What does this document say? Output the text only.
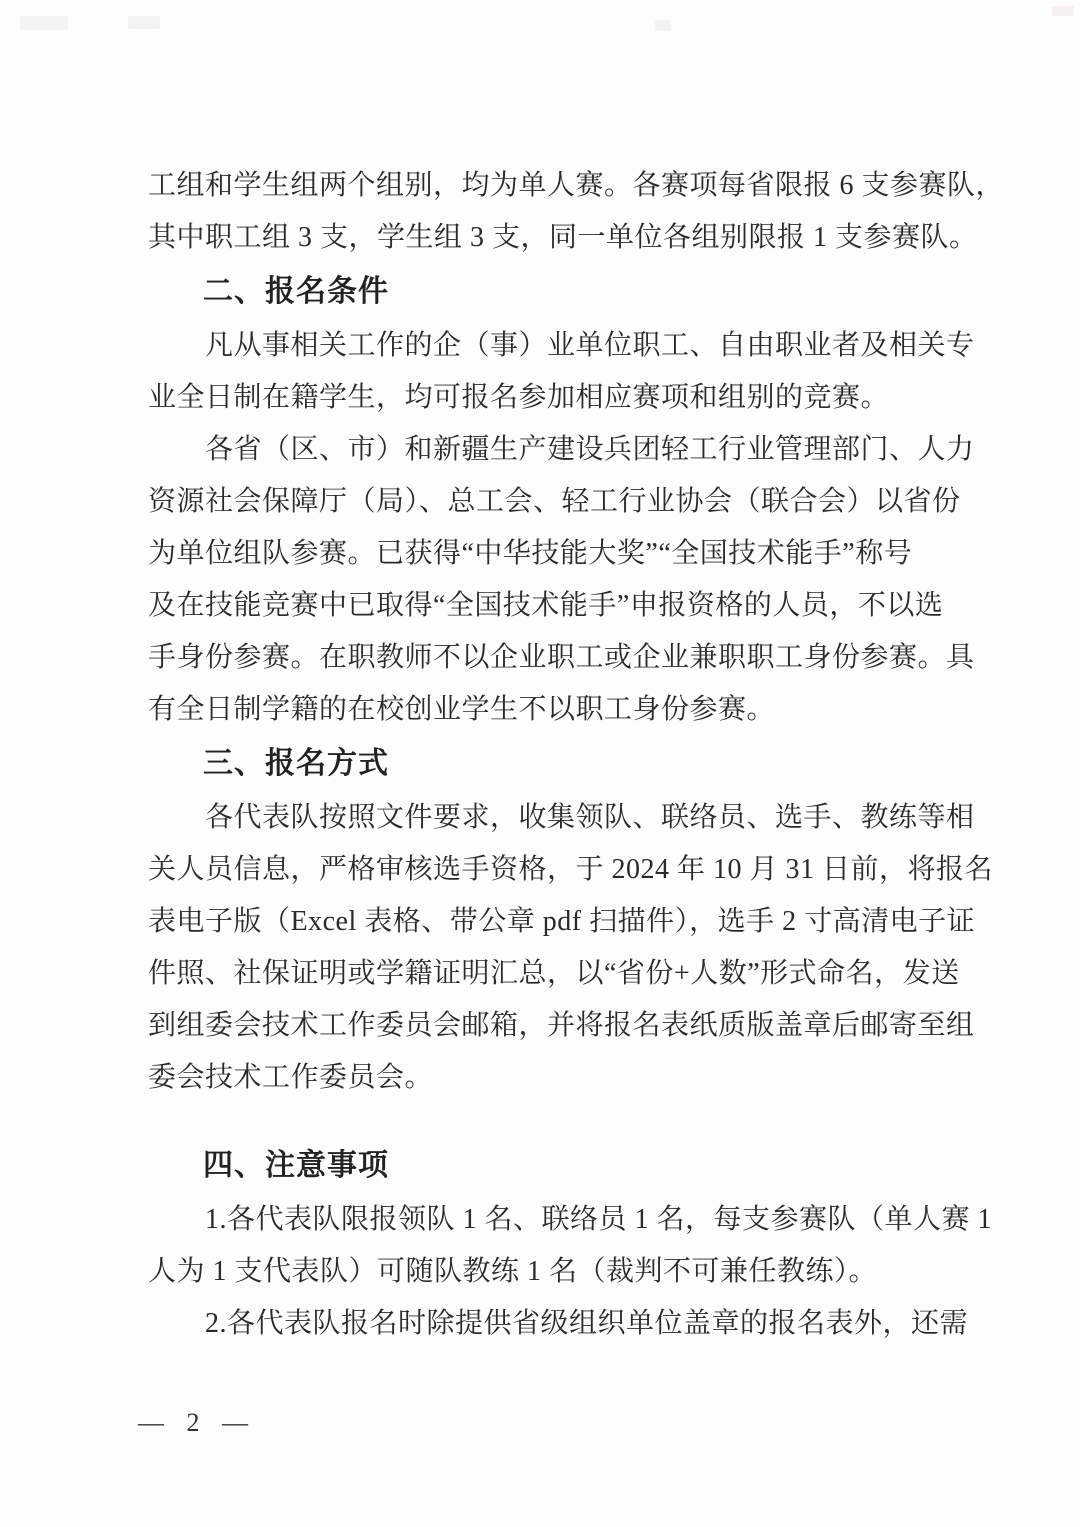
工组和学生组两个组别，均为单人赛。各赛项每省限报 6 支参赛队，

其中职工组 3 支，学生组 3 支，同一单位各组别限报 1 支参赛队。

二、报名条件

凡从事相关工作的企（事）业单位职工、自由职业者及相关专

业全日制在籍学生，均可报名参加相应赛项和组别的竞赛。

各省（区、市）和新疆生产建设兵团轻工行业管理部门、人力

资源社会保障厅（局）、总工会、轻工行业协会（联合会）以省份

为单位组队参赛。已获得“中华技能大奖”“全国技术能手”称号

及在技能竞赛中已取得“全国技术能手”申报资格的人员，不以选

手身份参赛。在职教师不以企业职工或企业兼职职工身份参赛。具

有全日制学籍的在校创业学生不以职工身份参赛。

三、报名方式

各代表队按照文件要求，收集领队、联络员、选手、教练等相

关人员信息，严格审核选手资格，于 2024 年 10 月 31 日前，将报名

表电子版（Excel 表格、带公章 pdf 扫描件），选手 2 寸高清电子证

件照、社保证明或学籍证明汇总，以“省份+人数”形式命名，发送

到组委会技术工作委员会邮箱，并将报名表纸质版盖章后邮寄至组

委会技术工作委员会。

四、注意事项

1.各代表队限报领队 1 名、联络员 1 名，每支参赛队（单人赛 1

人为 1 支代表队）可随队教练 1 名（裁判不可兼任教练）。

2.各代表队报名时除提供省级组织单位盖章的报名表外，还需

— 2 —
